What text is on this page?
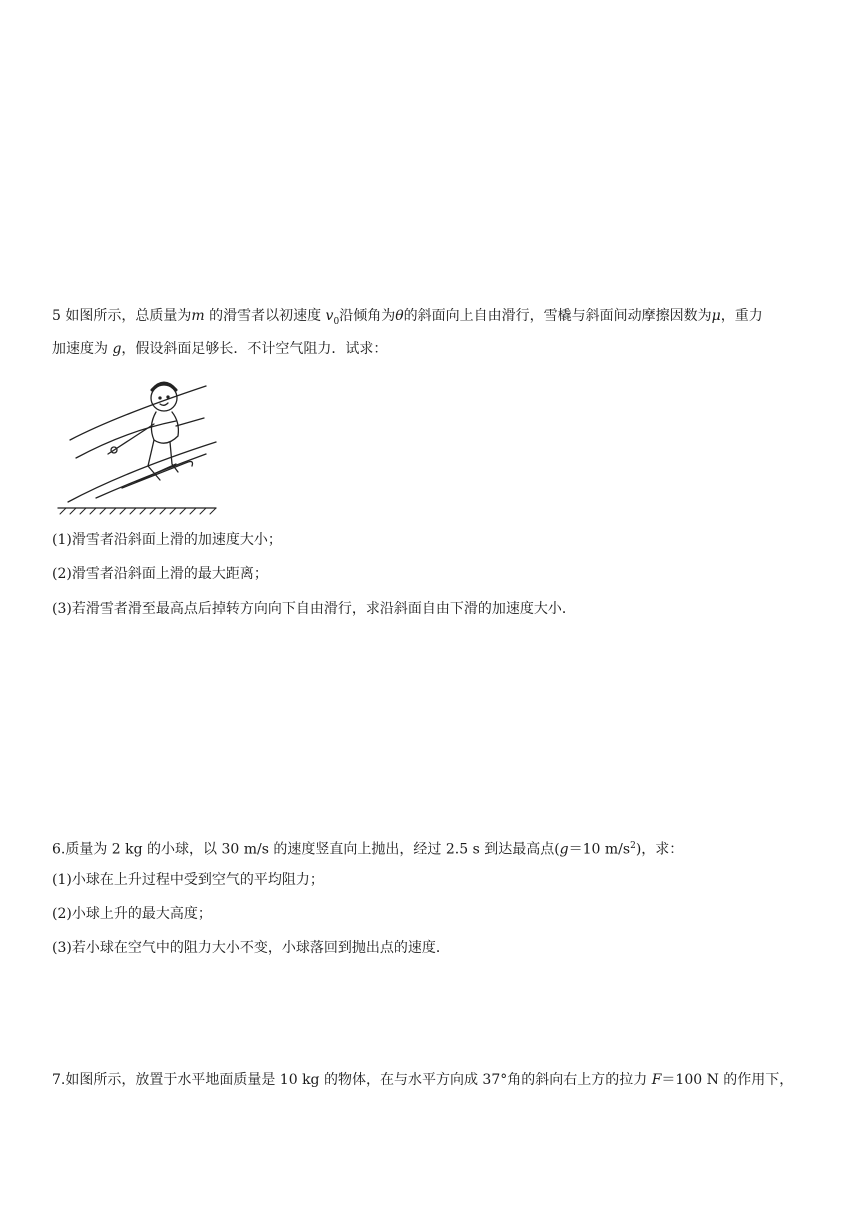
5 如图所示，总质量为m 的滑雪者以初速度 $v_0$沿倾角为θ的斜面向上自由滑行，雪橇与斜面间动摩擦因数为μ，重力
加速度为 g，假设斜面足够长．不计空气阻力．试求：
(1)滑雪者沿斜面上滑的加速度大小；
(2)滑雪者沿斜面上滑的最大距离；
(3)若滑雪者滑至最高点后掉转方向向下自由滑行，求沿斜面自由下滑的加速度大小．
6.质量为 2 kg 的小球，以 30 m/s 的速度竖直向上抛出，经过 2.5 s 到达最高点(g＝10 $m/s^2$)，求：
(1)小球在上升过程中受到空气的平均阻力；
(2)小球上升的最大高度；
(3)若小球在空气中的阻力大小不变，小球落回到抛出点的速度．
7.如图所示，放置于水平地面质量是 10 kg 的物体，在与水平方向成 37°角的斜向右上方的拉力 F＝100 N 的作用下，
